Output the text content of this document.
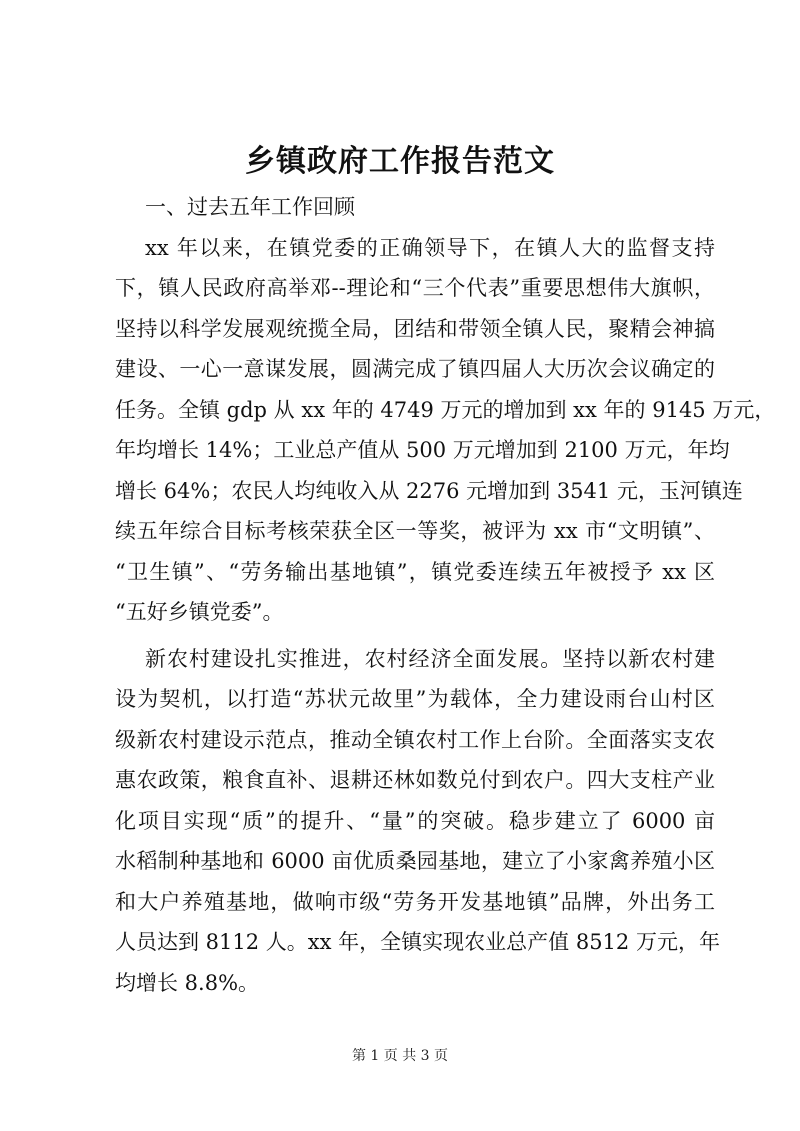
乡镇政府工作报告范文
一、过去五年工作回顾
xx 年以来，在镇党委的正确领导下，在镇人大的监督支持
下，镇人民政府高举邓--理论和“三个代表”重要思想伟大旗帜，
坚持以科学发展观统揽全局，团结和带领全镇人民，聚精会神搞
建设、一心一意谋发展，圆满完成了镇四届人大历次会议确定的
任务。全镇 gdp 从 xx 年的 4749 万元的增加到 xx 年的 9145 万元，
年均增长 14%；工业总产值从 500 万元增加到 2100 万元，年均
增长 64%；农民人均纯收入从 2276 元增加到 3541 元，玉河镇连
续五年综合目标考核荣获全区一等奖，被评为 xx 市“文明镇”、
“卫生镇”、“劳务输出基地镇”，镇党委连续五年被授予 xx 区
“五好乡镇党委”。
新农村建设扎实推进，农村经济全面发展。坚持以新农村建
设为契机，以打造“苏状元故里”为载体，全力建设雨台山村区
级新农村建设示范点，推动全镇农村工作上台阶。全面落实支农
惠农政策，粮食直补、退耕还林如数兑付到农户。四大支柱产业
化项目实现“质”的提升、“量”的突破。稳步建立了 6000 亩
水稻制种基地和 6000 亩优质桑园基地，建立了小家禽养殖小区
和大户养殖基地，做响市级“劳务开发基地镇”品牌，外出务工
人员达到 8112 人。xx 年，全镇实现农业总产值 8512 万元，年
均增长 8.8%。
第 1 页 共 3 页
